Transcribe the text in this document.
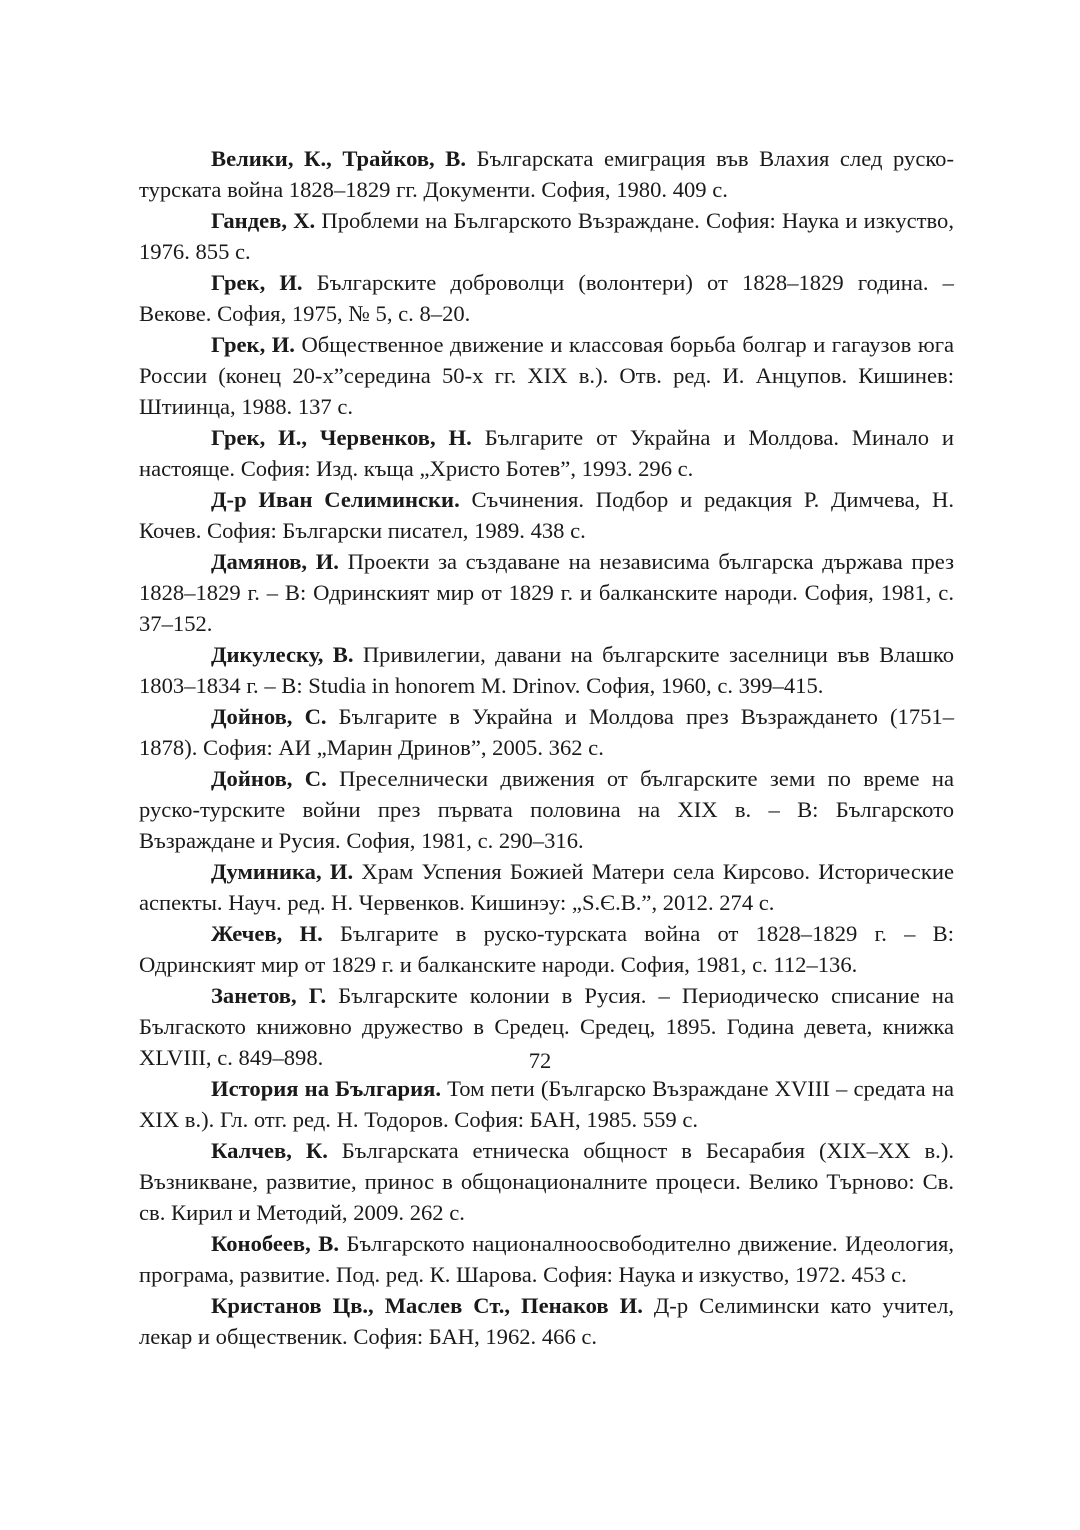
Велики, К., Трайков, В. Българската емиграция във Влахия след руско-турската война 1828–1829 гг. Документи. София, 1980. 409 с.

Гандев, Х. Проблеми на Българското Възраждане. София: Наука и изкуство, 1976. 855 с.

Грек, И. Българските доброволци (волонтери) от 1828–1829 година. – Векове. София, 1975, № 5, с. 8–20.

Грек, И. Общественное движение и классовая борьба болгар и гагаузов юга России (конец 20-х”середина 50-х гг. XIX в.). Отв. ред. И. Анцупов. Кишинев: Штиинца, 1988. 137 с.

Грек, И., Червенков, Н. Българите от Украйна и Молдова. Минало и настояще. София: Изд. къща „Христо Ботев”, 1993. 296 с.

Д-р Иван Селимински. Съчинения. Подбор и редакция Р. Димчева, Н. Кочев. София: Български писател, 1989. 438 с.

Дамянов, И. Проекти за създаване на независима българска държава през 1828–1829 г. – В: Одринският мир от 1829 г. и балканските народи. София, 1981, с. 37–152.

Дикулеску, В. Привилегии, давани на българските заселници във Влашко 1803–1834 г. – В: Studia in honorem M. Drinov. София, 1960, с. 399–415.

Дойнов, С. Българите в Украйна и Молдова през Възраждането (1751–1878). София: АИ „Марин Дринов”, 2005. 362 с.

Дойнов, С. Преселнически движения от българските земи по време на руско-турските войни през първата половина на XIX в. – В: Българското Възраждане и Русия. София, 1981, с. 290–316.

Думиника, И. Храм Успения Божией Матери села Кирсово. Исторические аспекты. Науч. ред. Н. Червенков. Кишинэу: „S.Є.B.”, 2012. 274 с.

Жечев, Н. Българите в руско-турската война от 1828–1829 г. – В: Одринският мир от 1829 г. и балканските народи. София, 1981, с. 112–136.

Занетов, Г. Българските колонии в Русия. – Периодическо списание на Бългаското книжовно дружество в Средец. Средец, 1895. Година девета, книжка XLVIII, с. 849–898.

История на България. Том пети (Българско Възраждане XVIII – средата на XIX в.). Гл. отг. ред. Н. Тодоров. София: БАН, 1985. 559 с.

Калчев, К. Българската етническа общност в Бесарабия (XIX–XX в.). Възникване, развитие, принос в общонационалните процеси. Велико Търново: Св. св. Кирил и Методий, 2009. 262 с.

Конобеев, В. Българското националноосвободително движение. Идеология, програма, развитие. Под. ред. К. Шарова. София: Наука и изкуство, 1972. 453 с.

Кристанов Цв., Маслев Ст., Пенаков И. Д-р Селимински като учител, лекар и общественик. София: БАН, 1962. 466 с.

72
